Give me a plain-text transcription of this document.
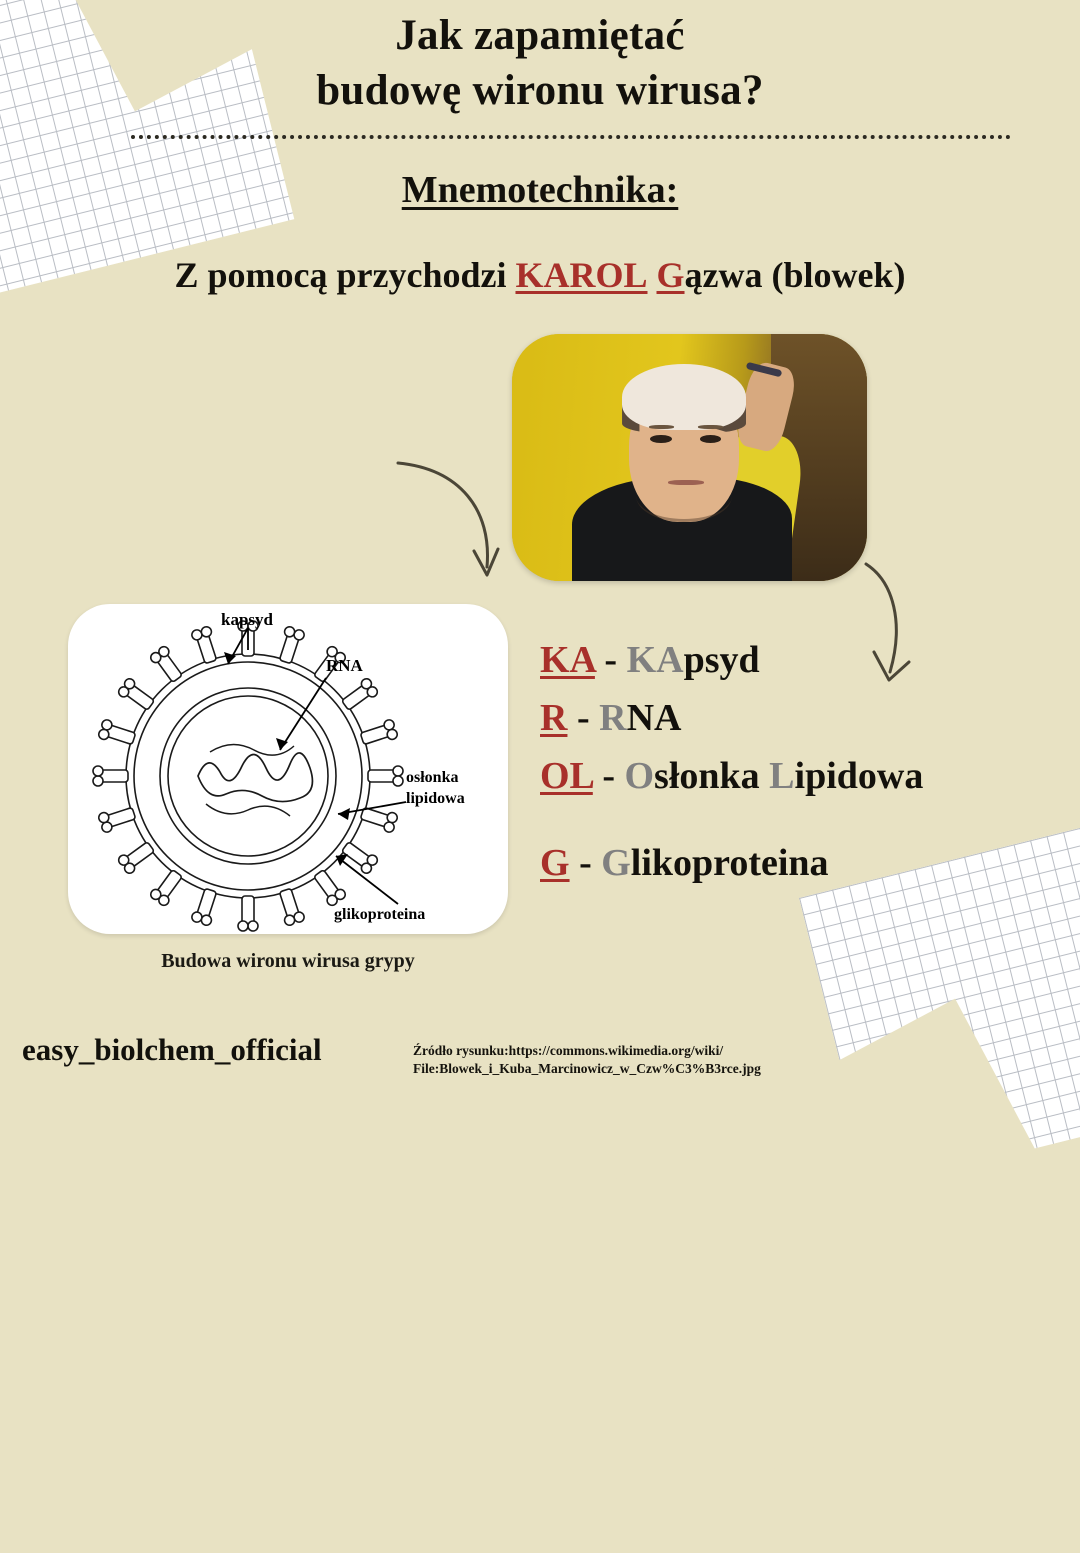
Jak zapamiętać
budowę wironu wirusa?
Mnemotechnika:
Z pomocą przychodzi KAROL Gązwa (blowek)
kapsyd
RNA
osłonka
lipidowa
glikoproteina
Budowa wironu wirusa grypy
KA - KApsyd
R - RNA
OL - Osłonka Lipidowa
G - Glikoproteina
easy_biolchem_official	Źródło rysunku:https://commons.wikimedia.org/wiki/
File:Blowek_i_Kuba_Marcinowicz_w_Czw%C3%B3rce.jpg
